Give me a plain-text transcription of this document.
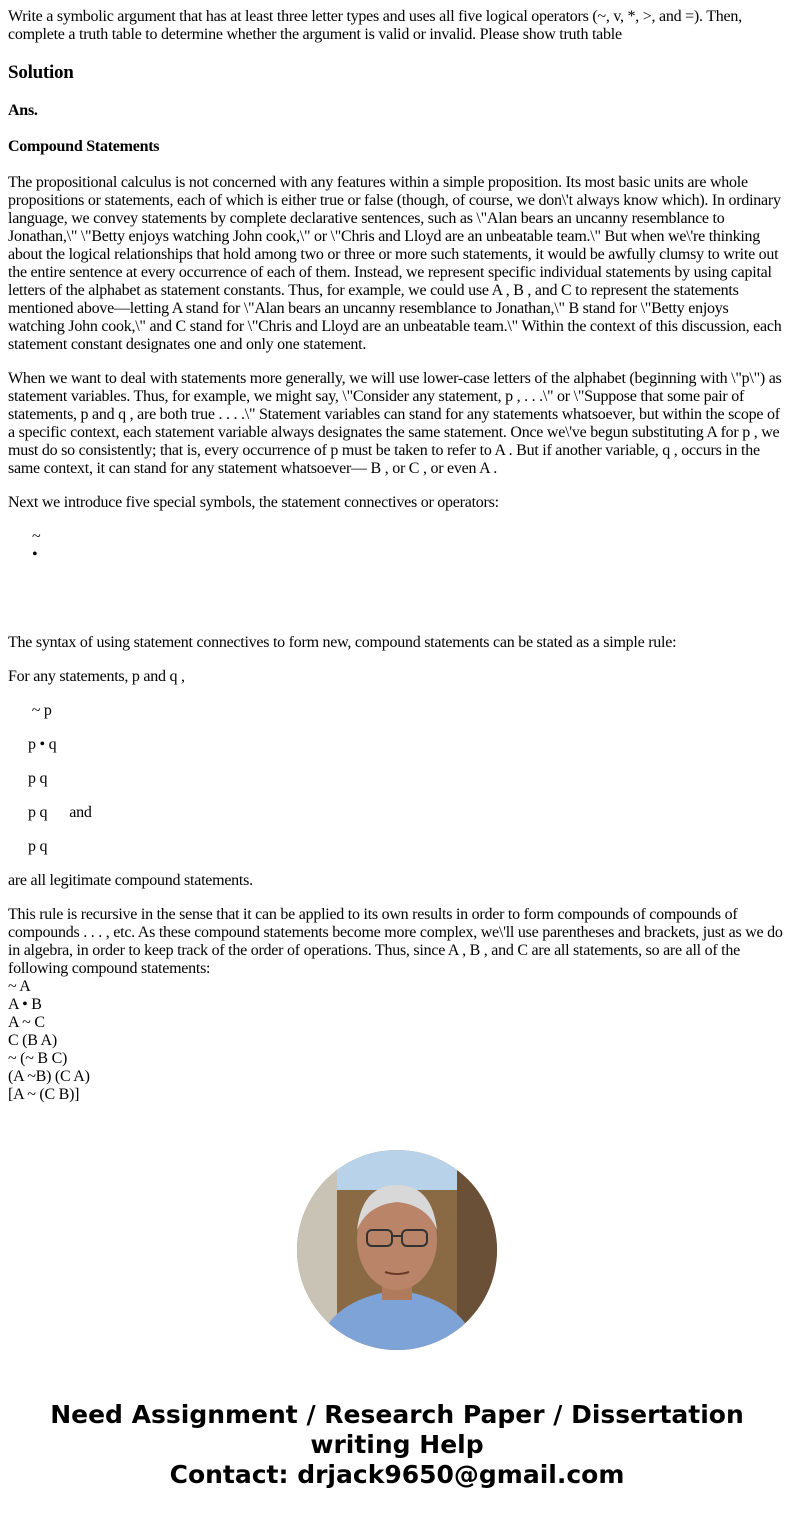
Write a symbolic argument that has at least three letter types and uses all five logical operators (~, v, *, >, and =). Then, complete a truth table to determine whether the argument is valid or invalid. Please show truth table

Solution
Ans.
Compound Statements

The propositional calculus is not concerned with any features within a simple proposition. Its most basic units are whole propositions or statements, each of which is either true or false (though, of course, we don\'t always know which). In ordinary language, we convey statements by complete declarative sentences, such as \"Alan bears an uncanny resemblance to Jonathan,\" \"Betty enjoys watching John cook,\" or \"Chris and Lloyd are an unbeatable team.\" But when we\'re thinking about the logical relationships that hold among two or three or more such statements, it would be awfully clumsy to write out the entire sentence at every occurrence of each of them. Instead, we represent specific individual statements by using capital letters of the alphabet as statement constants. Thus, for example, we could use A , B , and C to represent the statements mentioned above—letting A stand for \"Alan bears an uncanny resemblance to Jonathan,\" B stand for \"Betty enjoys watching John cook,\" and C stand for \"Chris and Lloyd are an unbeatable team.\" Within the context of this discussion, each statement constant designates one and only one statement.

When we want to deal with statements more generally, we will use lower-case letters of the alphabet (beginning with \"p\") as statement variables. Thus, for example, we might say, \"Consider any statement, p , . . .\" or \"Suppose that some pair of statements, p and q , are both true . . . .\" Statement variables can stand for any statements whatsoever, but within the scope of a specific context, each statement variable always designates the same statement. Once we\'ve begun substituting A for p , we must do so consistently; that is, every occurrence of p must be taken to refer to A . But if another variable, q , occurs in the same context, it can stand for any statement whatsoever— B , or C , or even A .

Next we introduce five special symbols, the statement connectives or operators:

~
•

The syntax of using statement connectives to form new, compound statements can be stated as a simple rule:

For any statements, p and q ,

~ p

p • q

p q

p q and

p q

are all legitimate compound statements.

This rule is recursive in the sense that it can be applied to its own results in order to form compounds of compounds of compounds . . . , etc. As these compound statements become more complex, we\'ll use parentheses and brackets, just as we do in algebra, in order to keep track of the order of operations. Thus, since A , B , and C are all statements, so are all of the following compound statements:
~ A
A • B
A ~ C
C (B A)
~ (~ B C)
(A ~B) (C A)
[A ~ (C B)]
Need Assignment / Research Paper / Dissertation writing Help
Contact: drjack9650@gmail.com
